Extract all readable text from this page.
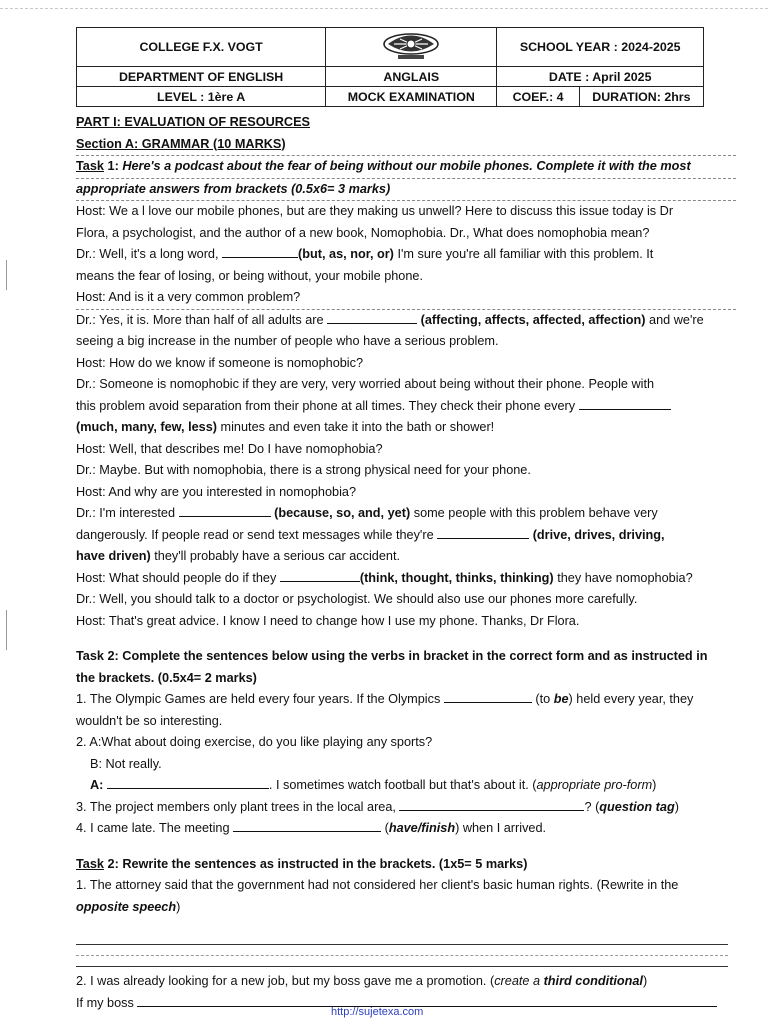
COLLEGE F.X. VOGT		SCHOOL YEAR : 2024-2025	
DEPARTMENT OF ENGLISH	ANGLAIS	DATE : April 2025	
LEVEL : 1ère A	MOCK EXAMINATION	COEF.: 4	DURATION: 2hrs
PART I: EVALUATION OF RESOURCES
Section A: GRAMMAR (10 MARKS)
Task 1: Here's a podcast about the fear of being without our mobile phones. Complete it with the most
appropriate answers from brackets (0.5x6= 3 marks)
Host: We a l love our mobile phones, but are they making us unwell? Here to discuss this issue today is Dr
Flora, a psychologist, and the author of a new book, Nomophobia. Dr., What does nomophobia mean?
Dr.: Well, it's a long word,	(but, as, nor, or) I'm sure you're all familiar with this problem. It
means the fear of losing, or being without, your mobile phone.
Host: And is it a very common problem?
Dr.: Yes, it is. More than half of all adults are	(affecting, affects, affected, affection) and we're
seeing a big increase in the number of people who have a serious problem.
Host: How do we know if someone is nomophobic?
Dr.: Someone is nomophobic if they are very, very worried about being without their phone. People with
this problem avoid separation from their phone at all times. They check their phone every
(much, many, few, less) minutes and even take it into the bath or shower!
Host: Well, that describes me! Do I have nomophobia?
Dr.: Maybe. But with nomophobia, there is a strong physical need for your phone.
Host: And why are you interested in nomophobia?
Dr.: I'm interested	(because, so, and, yet) some people with this problem behave very
dangerously. If people read or send text messages while they're	(drive, drives, driving,
have driven) they'll probably have a serious car accident.
Host: What should people do if they	(think, thought, thinks, thinking) they have nomophobia?
Dr.: Well, you should talk to a doctor or psychologist. We should also use our phones more carefully.
Host: That's great advice. I know I need to change how I use my phone. Thanks, Dr Flora.
Task 2: Complete the sentences below using the verbs in bracket in the correct form and as instructed in
the brackets. (0.5x4= 2 marks)
1. The Olympic Games are held every four years. If the Olympics	(to be) held every year, they
wouldn't be so interesting.
2. A:What about doing exercise, do you like playing any sports?
B: Not really.
A:	. I sometimes watch football but that's about it. (appropriate pro-form)
3. The project members only plant trees in the local area,	? (question tag)
4. I came late. The meeting	(have/finish) when I arrived.
Task 2: Rewrite the sentences as instructed in the brackets. (1x5= 5 marks)
1. The attorney said that the government had not considered her client's basic human rights. (Rewrite in the
opposite speech)
2. I was already looking for a new job, but my boss gave me a promotion. (create a third conditional)
If my boss
http://sujetexa.com
